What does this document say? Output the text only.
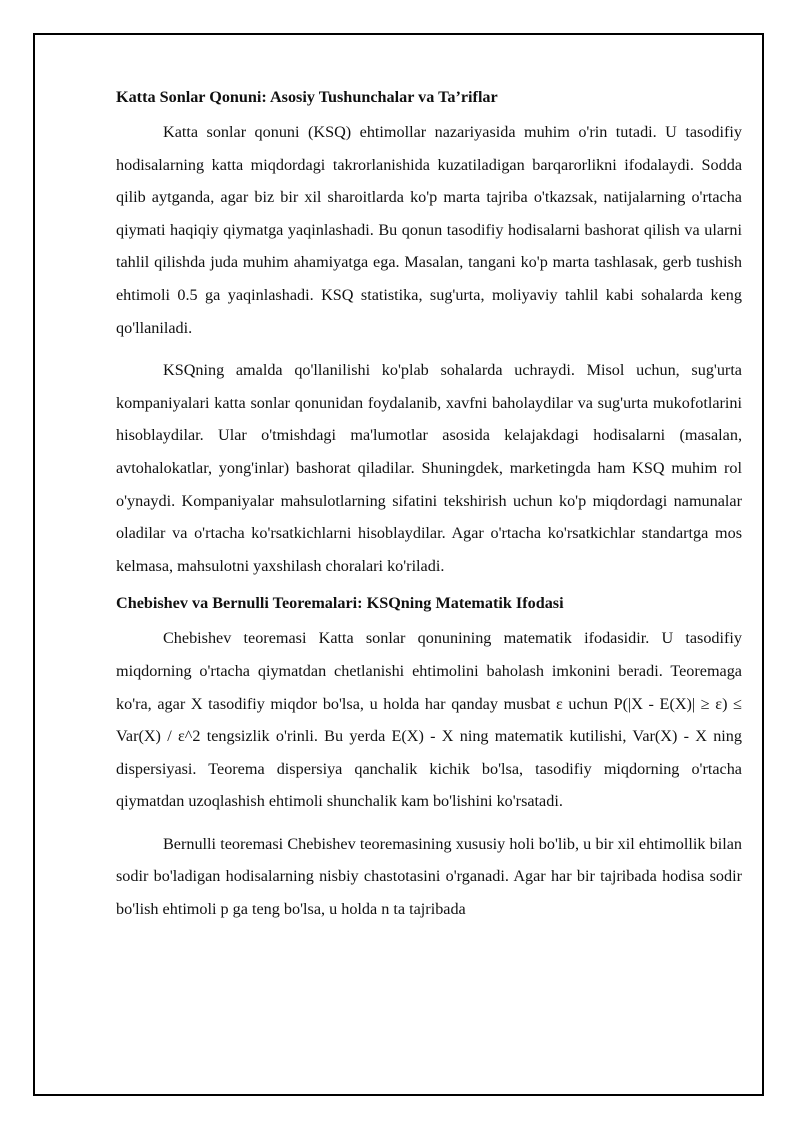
Katta Sonlar Qonuni: Asosiy Tushunchalar va Ta’riflar

Katta sonlar qonuni (KSQ) ehtimollar nazariyasida muhim o'rin tutadi. U tasodifiy hodisalarning katta miqdordagi takrorlanishida kuzatiladigan barqarorlikni ifodalaydi. Sodda qilib aytganda, agar biz bir xil sharoitlarda ko'p marta tajriba o'tkazsak, natijalarning o'rtacha qiymati haqiqiy qiymatga yaqinlashadi. Bu qonun tasodifiy hodisalarni bashorat qilish va ularni tahlil qilishda juda muhim ahamiyatga ega. Masalan, tangani ko'p marta tashlasak, gerb tushish ehtimoli 0.5 ga yaqinlashadi. KSQ statistika, sug'urta, moliyaviy tahlil kabi sohalarda keng qo'llaniladi.

KSQning amalda qo'llanilishi ko'plab sohalarda uchraydi. Misol uchun, sug'urta kompaniyalari katta sonlar qonunidan foydalanib, xavfni baholaydilar va sug'urta mukofotlarini hisoblaydilar. Ular o'tmishdagi ma'lumotlar asosida kelajakdagi hodisalarni (masalan, avtohalokatlar, yong'inlar) bashorat qiladilar. Shuningdek, marketingda ham KSQ muhim rol o'ynaydi. Kompaniyalar mahsulotlarning sifatini tekshirish uchun ko'p miqdordagi namunalar oladilar va o'rtacha ko'rsatkichlarni hisoblaydilar. Agar o'rtacha ko'rsatkichlar standartga mos kelmasa, mahsulotni yaxshilash choralari ko'riladi.

Chebishev va Bernulli Teoremalari: KSQning Matematik Ifodasi

Chebishev teoremasi Katta sonlar qonunining matematik ifodasidir. U tasodifiy miqdorning o'rtacha qiymatdan chetlanishi ehtimolini baholash imkonini beradi. Teoremaga ko'ra, agar X tasodifiy miqdor bo'lsa, u holda har qanday musbat ε uchun P(|X - E(X)| ≥ ε) ≤ Var(X) / ε^2 tengsizlik o'rinli. Bu yerda E(X) - X ning matematik kutilishi, Var(X) - X ning dispersiyasi. Teorema dispersiya qanchalik kichik bo'lsa, tasodifiy miqdorning o'rtacha qiymatdan uzoqlashish ehtimoli shunchalik kam bo'lishini ko'rsatadi.

Bernulli teoremasi Chebishev teoremasining xususiy holi bo'lib, u bir xil ehtimollik bilan sodir bo'ladigan hodisalarning nisbiy chastotasini o'rganadi. Agar har bir tajribada hodisa sodir bo'lish ehtimoli p ga teng bo'lsa, u holda n ta tajribada
